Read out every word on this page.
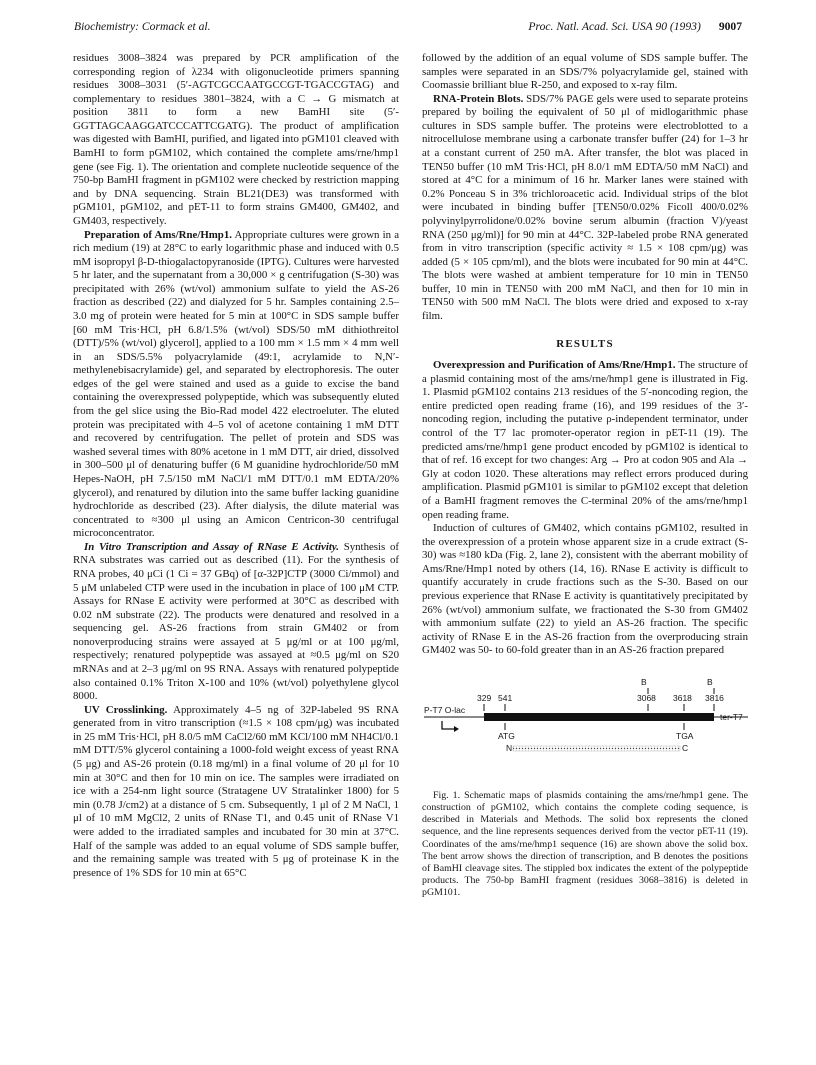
Biochemistry: Cormack et al.	Proc. Natl. Acad. Sci. USA 90 (1993) 9007

residues 3008–3824 was prepared by PCR amplification of the corresponding region of λ234 with oligonucleotide primers spanning residues 3008–3031 (5′-AGTCGCCAATGCCGT-TGACCGTAG) and complementary to residues 3801–3824, with a C → G mismatch at position 3811 to form a new BamHI site (5′-GGTTAGCAAGGATCCCATTCGATG). The product of amplification was digested with BamHI, purified, and ligated into pGM101 cleaved with BamHI to form pGM102, which contained the complete ams/rne/hmp1 gene (see Fig. 1). The orientation and complete nucleotide sequence of the 750-bp BamHI fragment in pGM102 were checked by restriction mapping and by DNA sequencing. Strain BL21(DE3) was transformed with pGM101, pGM102, and pET-11 to form strains GM400, GM402, and GM403, respectively.

Preparation of Ams/Rne/Hmp1. Appropriate cultures were grown in a rich medium (19) at 28°C to early logarithmic phase and induced with 0.5 mM isopropyl β-D-thiogalactopyranoside (IPTG). Cultures were harvested 5 hr later, and the supernatant from a 30,000 × g centrifugation (S-30) was precipitated with 26% (wt/vol) ammonium sulfate to yield the AS-26 fraction as described (22) and dialyzed for 5 hr. Samples containing 2.5–3.0 mg of protein were heated for 5 min at 100°C in SDS sample buffer [60 mM Tris·HCl, pH 6.8/1.5% (wt/vol) SDS/50 mM dithiothreitol (DTT)/5% (wt/vol) glycerol], applied to a 100 mm × 1.5 mm × 4 mm well in an SDS/5.5% polyacrylamide (49:1, acrylamide to N,N′-methylenebisacrylamide) gel, and separated by electrophoresis. The outer edges of the gel were stained and used as a guide to excise the band containing the overexpressed polypeptide, which was subsequently eluted from the gel slice using the Bio-Rad model 422 electroeluter. The eluted protein was precipitated with 4–5 vol of acetone containing 1 mM DTT and recovered by centrifugation. The pellet of protein and SDS was washed several times with 80% acetone in 1 mM DTT, air dried, dissolved in 300–500 μl of denaturing buffer (6 M guanidine hydrochloride/50 mM Hepes-NaOH, pH 7.5/150 mM NaCl/1 mM DTT/0.1 mM EDTA/20% glycerol), and renatured by dilution into the same buffer lacking guanidine hydrochloride as described (23). After dialysis, the dilute material was concentrated to ≈300 μl using an Amicon Centricon-30 centrifugal microconcentrator.

In Vitro Transcription and Assay of RNase E Activity. Synthesis of RNA substrates was carried out as described (11). For the synthesis of RNA probes, 40 μCi (1 Ci = 37 GBq) of [α-32P]CTP (3000 Ci/mmol) and 5 μM unlabeled CTP were used in the incubation in place of 100 μM CTP. Assays for RNase E activity were performed at 30°C as described with 0.02 nM substrate (22). The products were denatured and resolved in a sequencing gel. AS-26 fractions from strain GM402 or from nonoverproducing strains were assayed at 5 μg/ml or at 100 μg/ml, respectively; renatured polypeptide was assayed at ≈0.5 μg/ml on S20 mRNAs and at 2–3 μg/ml on 9S RNA. Assays with renatured polypeptide also contained 0.1% Triton X-100 and 10% (wt/vol) polyethylene glycol 8000.

UV Crosslinking. Approximately 4–5 ng of 32P-labeled 9S RNA generated from in vitro transcription (≈1.5 × 108 cpm/μg) was incubated in 25 mM Tris·HCl, pH 8.0/5 mM CaCl2/60 mM KCl/100 mM NH4Cl/0.1 mM DTT/5% glycerol containing a 1000-fold weight excess of yeast RNA (5 μg) and AS-26 protein (0.18 mg/ml) in a final volume of 20 μl for 10 min at 30°C and then for 10 min on ice. The samples were irradiated on ice with a 254-nm light source (Stratagene UV Stratalinker 1800) for 5 min (0.78 J/cm2) at a distance of 5 cm. Subsequently, 1 μl of 2 M NaCl, 1 μl of 10 mM MgCl2, 2 units of RNase T1, and 0.45 unit of RNase V1 were added to the irradiated samples and incubated for 30 min at 37°C. Half of the sample was added to an equal volume of SDS sample buffer, and the remaining sample was treated with 5 μg of proteinase K in the presence of 1% SDS for 10 min at 65°C

followed by the addition of an equal volume of SDS sample buffer. The samples were separated in an SDS/7% polyacrylamide gel, stained with Coomassie brilliant blue R-250, and exposed to x-ray film.

RNA-Protein Blots. SDS/7% PAGE gels were used to separate proteins prepared by boiling the equivalent of 50 μl of midlogarithmic phase cultures in SDS sample buffer. The proteins were electroblotted to a nitrocellulose membrane using a carbonate transfer buffer (24) for 1–3 hr at a constant current of 250 mA. After transfer, the blot was placed in TEN50 buffer (10 mM Tris·HCl, pH 8.0/1 mM EDTA/50 mM NaCl) and stored at 4°C for a minimum of 16 hr. Marker lanes were stained with 0.2% Ponceau S in 3% trichloroacetic acid. Individual strips of the blot were incubated in binding buffer [TEN50/0.02% Ficoll 400/0.02% polyvinylpyrrolidone/0.02% bovine serum albumin (fraction V)/yeast RNA (250 μg/ml)] for 90 min at 44°C. 32P-labeled probe RNA generated from in vitro transcription (specific activity ≈ 1.5 × 108 cpm/μg) was added (5 × 105 cpm/ml), and the blots were incubated for 90 min at 44°C. The blots were washed at ambient temperature for 10 min in TEN50 buffer, 10 min in TEN50 with 200 mM NaCl, and then for 10 min in TEN50 with 500 mM NaCl. The blots were dried and exposed to x-ray film.

RESULTS

Overexpression and Purification of Ams/Rne/Hmp1. The structure of a plasmid containing most of the ams/rne/hmp1 gene is illustrated in Fig. 1. Plasmid pGM102 contains 213 residues of the 5′-noncoding region, the entire predicted open reading frame (16), and 199 residues of the 3′-noncoding region, including the putative ρ-independent terminator, under control of the T7 lac promoter-operator region in pET-11 (19). The predicted ams/rne/hmp1 gene product encoded by pGM102 is identical to that of ref. 16 except for two changes: Arg → Pro at codon 905 and Ala → Gly at codon 1020. These alterations may reflect errors produced during amplification. Plasmid pGM101 is similar to pGM102 except that deletion of a BamHI fragment removes the C-terminal 20% of the ams/rne/hmp1 open reading frame.

Induction of cultures of GM402, which contains pGM102, resulted in the overexpression of a protein whose apparent size in a crude extract (S-30) was ≈180 kDa (Fig. 2, lane 2), consistent with the aberrant mobility of Ams/Rne/Hmp1 noted by others (14, 16). RNase E activity is difficult to quantify accurately in crude fractions such as the S-30. Based on our previous experience that RNase E activity is quantitatively precipitated by 26% (wt/vol) ammonium sulfate, we fractionated the S-30 from GM402 with ammonium sulfate (22) to yield an AS-26 fraction. The specific activity of RNase E in the AS-26 fraction from the overproducing strain GM402 was 50- to 60-fold greater than in an AS-26 fraction prepared

B	B
329 541	3068 3618 3816
P-T7 O-lac
ter-T7
ATG	TGA
N	C

Fig. 1. Schematic maps of plasmids containing the ams/rne/hmp1 gene. The construction of pGM102, which contains the complete coding sequence, is described in Materials and Methods. The solid box represents the cloned sequence, and the line represents sequences derived from the vector pET-11 (19). Coordinates of the ams/rne/hmp1 sequence (16) are shown above the solid box. The bent arrow shows the direction of transcription, and B denotes the positions of BamHI cleavage sites. The stippled box indicates the extent of the polypeptide products. The 750-bp BamHI fragment (residues 3068–3816) is deleted in pGM101.
